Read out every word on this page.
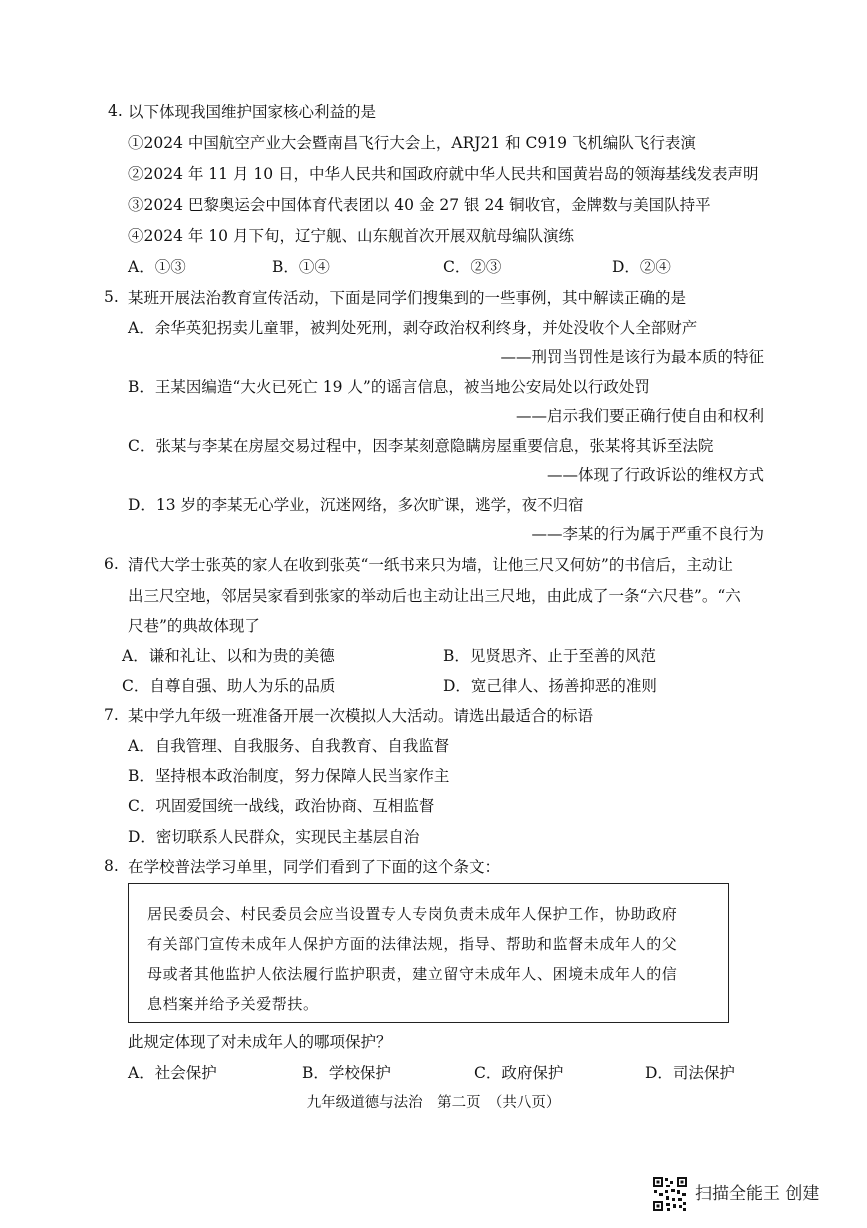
4. 以下体现我国维护国家核心利益的是
①2024 中国航空产业大会暨南昌飞行大会上，ARJ21 和 C919 飞机编队飞行表演
②2024 年 11 月 10 日，中华人民共和国政府就中华人民共和国黄岩岛的领海基线发表声明
③2024 巴黎奥运会中国体育代表团以 40 金 27 银 24 铜收官，金牌数与美国队持平
④2024 年 10 月下旬，辽宁舰、山东舰首次开展双航母编队演练
A．①③	B．①④	C．②③	D．②④
5. 某班开展法治教育宣传活动，下面是同学们搜集到的一些事例，其中解读正确的是
A．余华英犯拐卖儿童罪，被判处死刑，剥夺政治权利终身，并处没收个人全部财产
——刑罚当罚性是该行为最本质的特征
B．王某因编造“大火已死亡 19 人”的谣言信息，被当地公安局处以行政处罚
——启示我们要正确行使自由和权利
C．张某与李某在房屋交易过程中，因李某刻意隐瞒房屋重要信息，张某将其诉至法院
——体现了行政诉讼的维权方式
D．13 岁的李某无心学业，沉迷网络，多次旷课，逃学，夜不归宿
——李某的行为属于严重不良行为
6. 清代大学士张英的家人在收到张英“一纸书来只为墙，让他三尺又何妨”的书信后，主动让
出三尺空地，邻居吴家看到张家的举动后也主动让出三尺地，由此成了一条“六尺巷”。“六
尺巷”的典故体现了
A．谦和礼让、以和为贵的美德	B．见贤思齐、止于至善的风范
C．自尊自强、助人为乐的品质	D．宽己律人、扬善抑恶的准则
7. 某中学九年级一班准备开展一次模拟人大活动。请选出最适合的标语
A．自我管理、自我服务、自我教育、自我监督
B．坚持根本政治制度，努力保障人民当家作主
C．巩固爱国统一战线，政治协商、互相监督
D．密切联系人民群众，实现民主基层自治
8. 在学校普法学习单里，同学们看到了下面的这个条文：
居民委员会、村民委员会应当设置专人专岗负责未成年人保护工作，协助政府
有关部门宣传未成年人保护方面的法律法规，指导、帮助和监督未成年人的父
母或者其他监护人依法履行监护职责，建立留守未成年人、困境未成年人的信
息档案并给予关爱帮扶。
此规定体现了对未成年人的哪项保护？
A．社会保护	B．学校保护	C．政府保护	D．司法保护
九年级道德与法治　第二页　（共八页）
扫描全能王 创建
